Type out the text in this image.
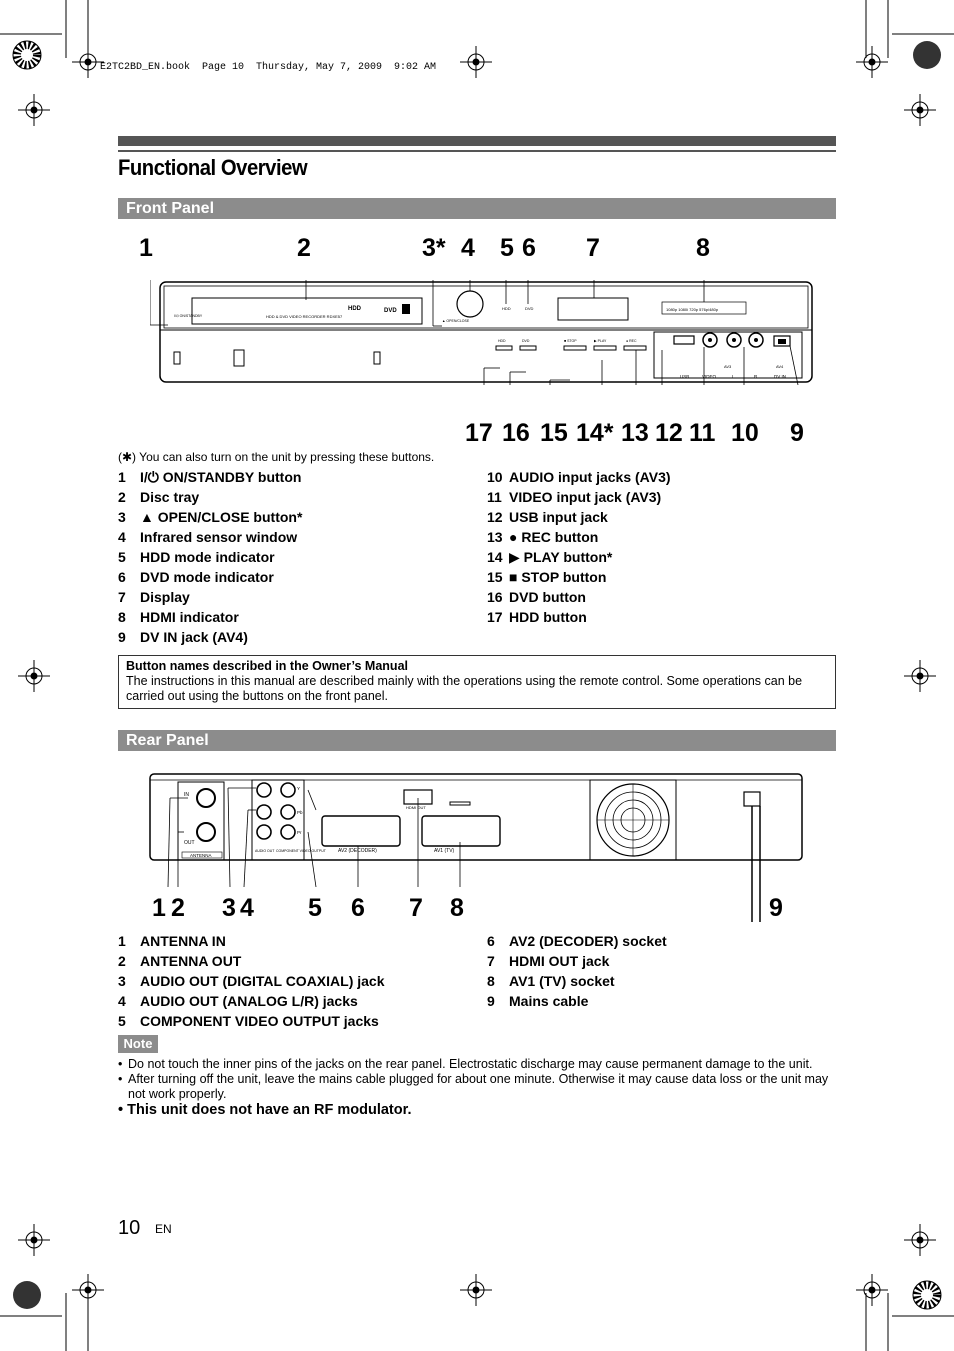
E2TC2BD_EN.book  Page 10  Thursday, May 7, 2009  9:02 AM
Functional Overview
Front Panel
1	2	3* 4 5 6 7	8
HDD & DVD VIDEO RECORDER RDXE57
HDD	DVD
I/⏻ ON/STANDBY
▲ OPEN/CLOSE
HDD	DVD	1080p 1080i 720p 576p/480p
HDD	DVD	■ STOP	▶ PLAY	● REC
AV3	AV4
USB	VIDEO	L	R	DV IN
17 16 15 14* 13 12 11 10 9
(✱) You can also turn on the unit by pressing these buttons.
1 I/⏻ ON/STANDBY button
2 Disc tray
3 ▲ OPEN/CLOSE button*
4 Infrared sensor window
5 HDD mode indicator
6 DVD mode indicator
7 Display
8 HDMI indicator
9 DV IN jack (AV4)
10 AUDIO input jacks (AV3)
11 VIDEO input jack (AV3)
12 USB input jack
13 ● REC button
14 ▶ PLAY button*
15 ■ STOP button
16 DVD button
17 HDD button
Button names described in the Owner’s Manual
The instructions in this manual are described mainly with the operations using the remote control. Some operations can be carried out using the buttons on the front panel.
Rear Panel
IN
OUT
ANTENNA
Y
Pb
Pr
AUDIO OUT COMPONENT VIDEO OUTPUT AV2 (DECODER)	AV1 (TV)
HDMI OUT
1 2 3 4 5 6 7 8	9
1 ANTENNA IN
2 ANTENNA OUT
3 AUDIO OUT (DIGITAL COAXIAL) jack
4 AUDIO OUT (ANALOG L/R) jacks
5 COMPONENT VIDEO OUTPUT jacks
6 AV2 (DECODER) socket
7 HDMI OUT jack
8 AV1 (TV) socket
9 Mains cable
Note
• Do not touch the inner pins of the jacks on the rear panel. Electrostatic discharge may cause permanent damage to the unit.
• After turning off the unit, leave the mains cable plugged for about one minute. Otherwise it may cause data loss or the unit may not work properly.
• This unit does not have an RF modulator.
10 EN
